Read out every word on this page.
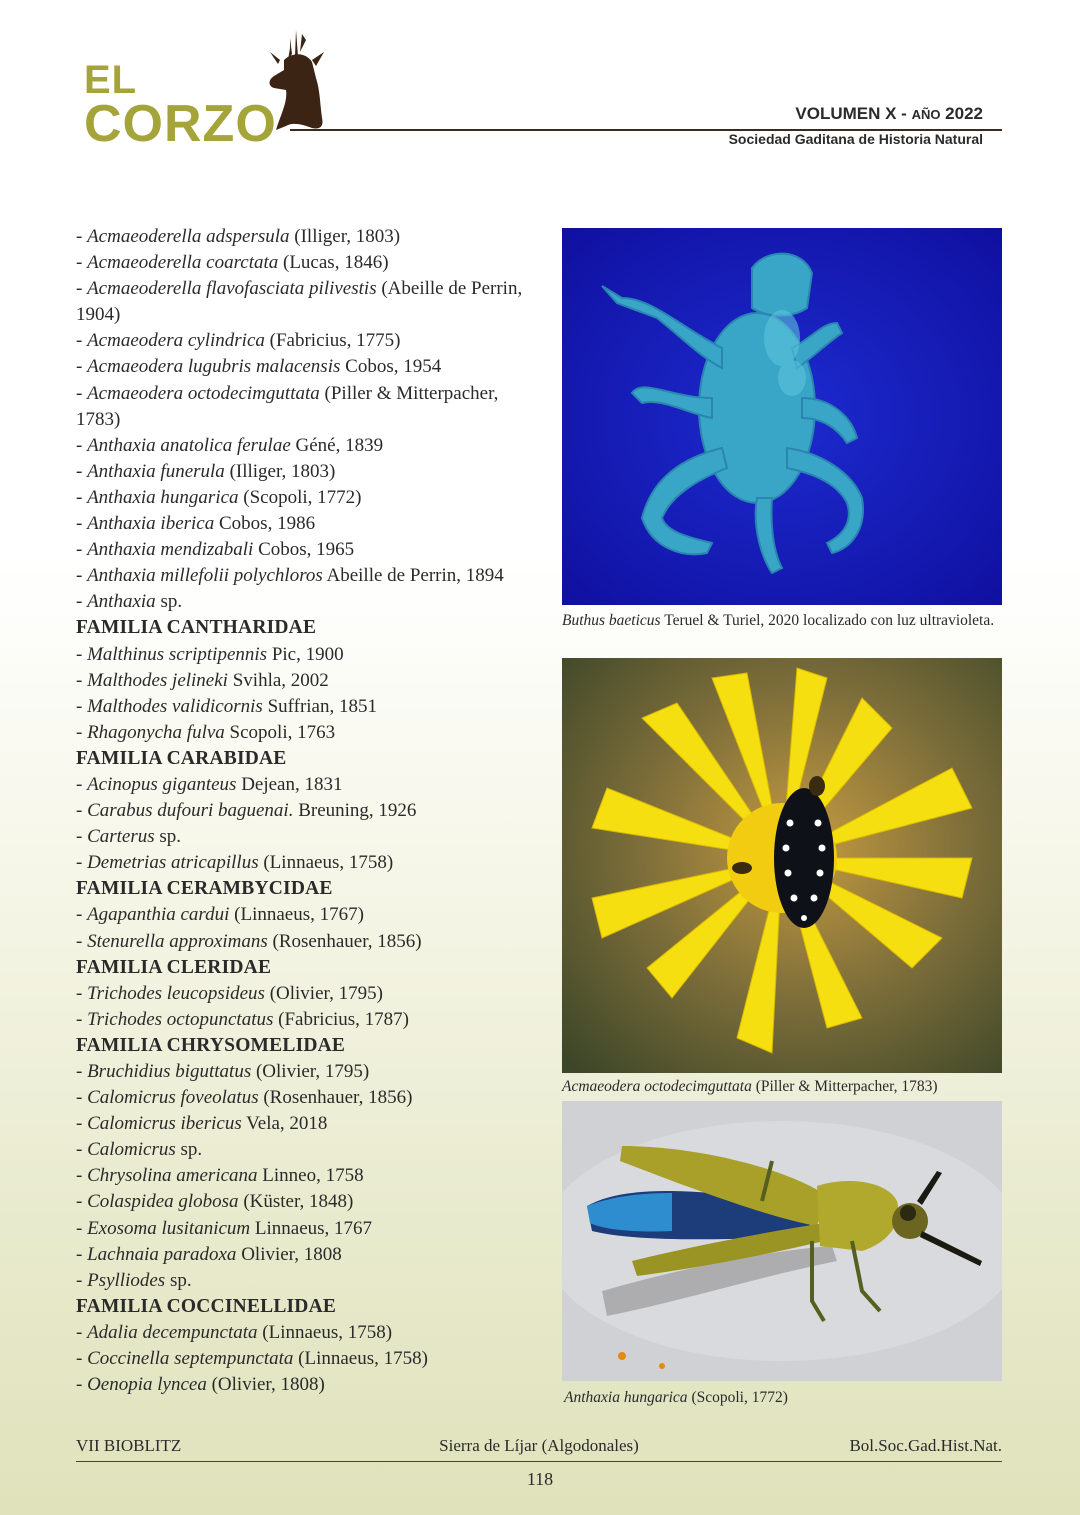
EL
CORZO	VOLUMEN X - AÑO 2022
Sociedad Gaditana de Historia Natural
- Acmaeoderella adspersula (Illiger, 1803)
- Acmaeoderella coarctata (Lucas, 1846)
- Acmaeoderella flavofasciata pilivestis (Abeille de Perrin, 1904)
- Acmaeodera cylindrica (Fabricius, 1775)
- Acmaeodera lugubris malacensis Cobos, 1954
- Acmaeodera octodecimguttata (Piller & Mitterpacher, 1783)
- Anthaxia anatolica ferulae Géné, 1839
- Anthaxia funerula (Illiger, 1803)
- Anthaxia hungarica (Scopoli, 1772)
- Anthaxia iberica Cobos, 1986
- Anthaxia mendizabali Cobos, 1965
- Anthaxia millefolii polychloros Abeille de Perrin, 1894
- Anthaxia sp.
FAMILIA CANTHARIDAE
- Malthinus scriptipennis Pic, 1900
- Malthodes jelineki Svihla, 2002
- Malthodes validicornis Suffrian, 1851
- Rhagonycha fulva Scopoli, 1763
FAMILIA CARABIDAE
- Acinopus giganteus Dejean, 1831
- Carabus dufouri baguenai. Breuning, 1926
- Carterus sp.
- Demetrias atricapillus (Linnaeus, 1758)
FAMILIA CERAMBYCIDAE
- Agapanthia cardui (Linnaeus, 1767)
- Stenurella approximans (Rosenhauer, 1856)
FAMILIA CLERIDAE
- Trichodes leucopsideus (Olivier, 1795)
- Trichodes octopunctatus (Fabricius, 1787)
FAMILIA CHRYSOMELIDAE
- Bruchidius biguttatus (Olivier, 1795)
- Calomicrus foveolatus (Rosenhauer, 1856)
- Calomicrus ibericus Vela, 2018
- Calomicrus sp.
- Chrysolina americana Linneo, 1758
- Colaspidea globosa (Küster, 1848)
- Exosoma lusitanicum Linnaeus, 1767
- Lachnaia paradoxa Olivier, 1808
- Psylliodes sp.
FAMILIA COCCINELLIDAE
- Adalia decempunctata (Linnaeus, 1758)
- Coccinella septempunctata (Linnaeus, 1758)
- Oenopia lyncea (Olivier, 1808)
Buthus baeticus Teruel & Turiel, 2020 localizado con luz ultravioleta.
Acmaeodera octodecimguttata (Piller & Mitterpacher, 1783)
Anthaxia hungarica (Scopoli, 1772)
Sierra de Líjar (Algodonales)
VII BIOBLITZ	Bol.Soc.Gad.Hist.Nat.
118
